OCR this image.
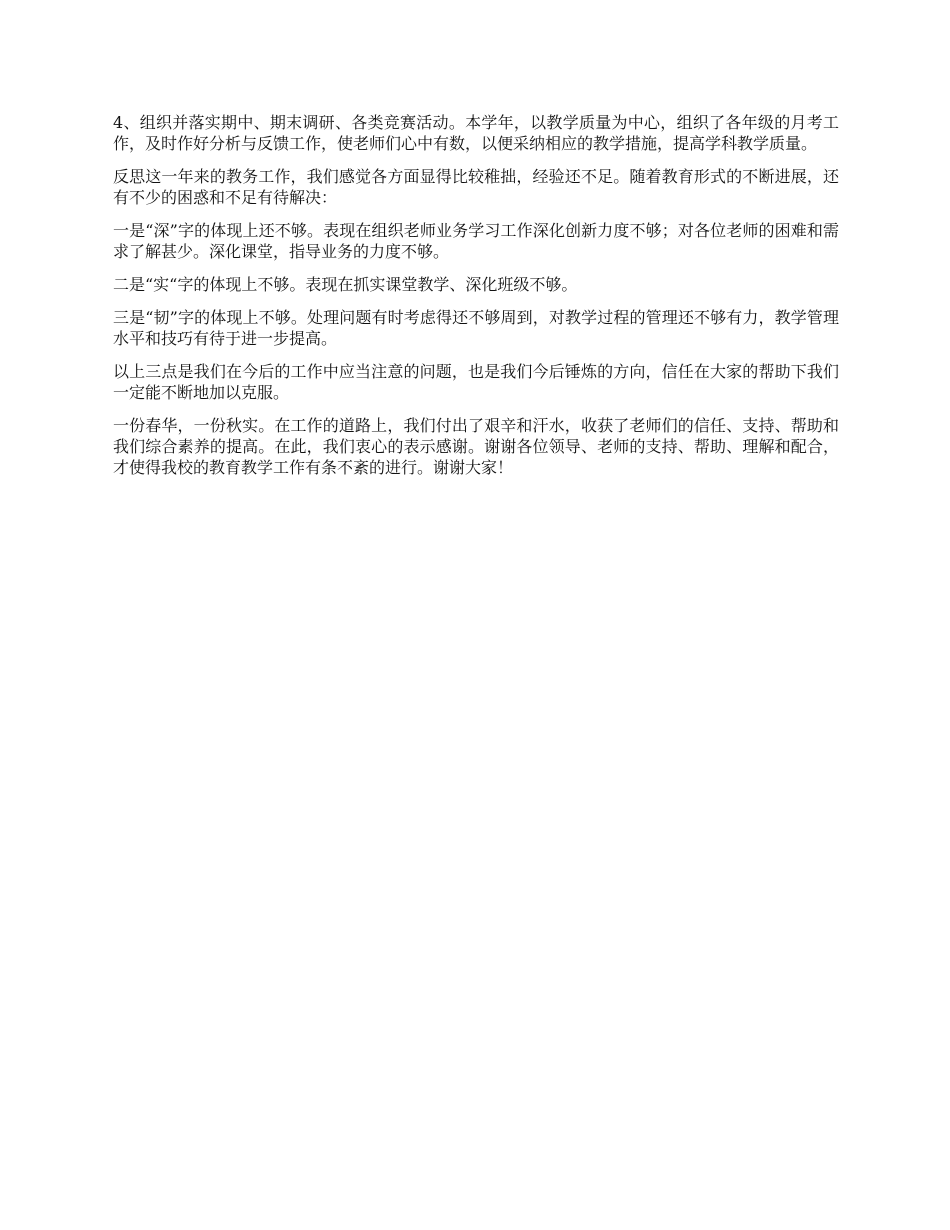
4、组织并落实期中、期末调研、各类竞赛活动。本学年，以教学质量为中心，组织了各年级的月考工作，及时作好分析与反馈工作，使老师们心中有数，以便采纳相应的教学措施，提高学科教学质量。

反思这一年来的教务工作，我们感觉各方面显得比较稚拙，经验还不足。随着教育形式的不断进展，还有不少的困惑和不足有待解决：

一是“深”字的体现上还不够。表现在组织老师业务学习工作深化创新力度不够；对各位老师的困难和需求了解甚少。深化课堂，指导业务的力度不够。

二是“实“字的体现上不够。表现在抓实课堂教学、深化班级不够。

三是“韧”字的体现上不够。处理问题有时考虑得还不够周到，对教学过程的管理还不够有力，教学管理水平和技巧有待于进一步提高。

以上三点是我们在今后的工作中应当注意的问题，也是我们今后锤炼的方向，信任在大家的帮助下我们一定能不断地加以克服。

一份春华，一份秋实。在工作的道路上，我们付出了艰辛和汗水，收获了老师们的信任、支持、帮助和我们综合素养的提高。在此，我们衷心的表示感谢。谢谢各位领导、老师的支持、帮助、理解和配合，才使得我校的教育教学工作有条不紊的进行。谢谢大家！
